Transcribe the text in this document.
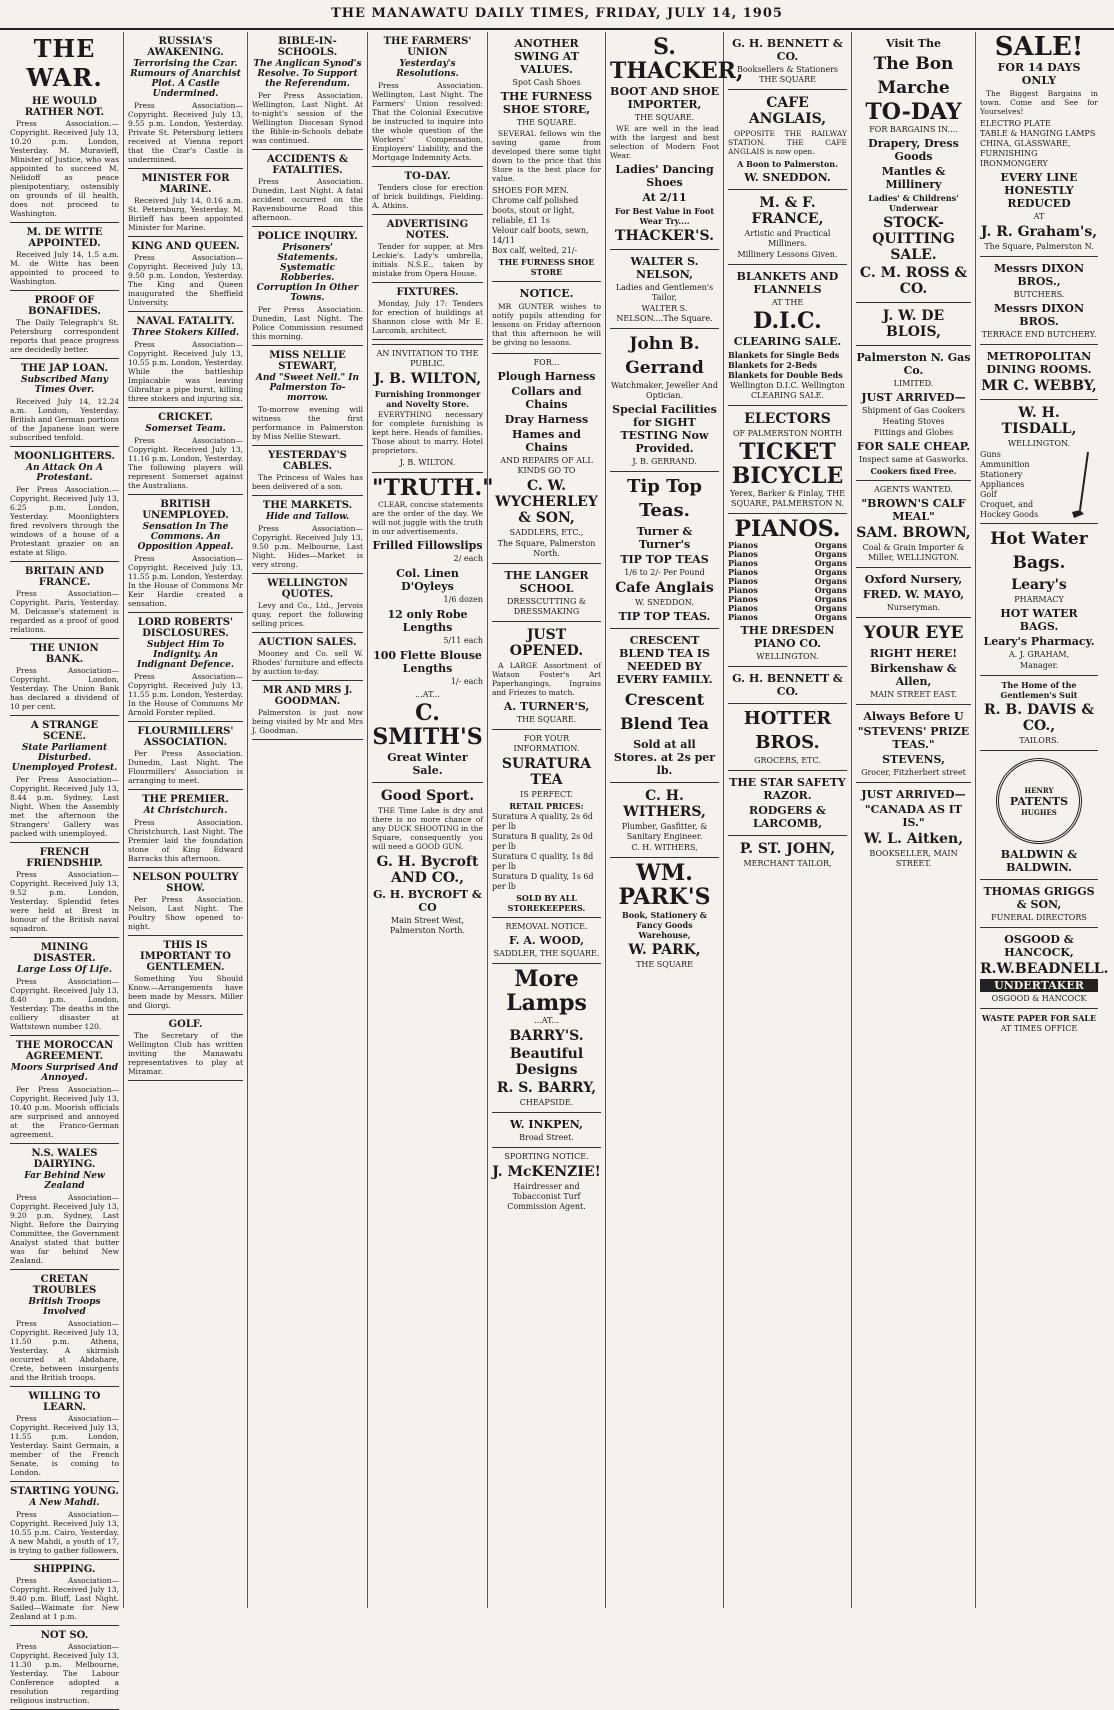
THE MANAWATU DAILY TIMES, FRIDAY, JULY 14, 1905
THE WAR.
HE WOULD RATHER NOT.
Press Association.—Copyright. Received July 13, 10.20 p.m. London, Yesterday. M. Muravieff, Minister of Justice, who was appointed to succeed M. Nelidoff as peace plenipotentiary, ostensibly on grounds of ill health, does not proceed to Washington.
M. DE WITTE APPOINTED.
Received July 14, 1.5 a.m. M. de Witte has been appointed to proceed to Washington.
PROOF OF BONAFIDES.
The Daily Telegraph's St. Petersburg correspondent reports that peace progress are decidedly better.
THE JAP LOAN.
Subscribed Many Times Over.
Received July 14, 12.24 a.m. London, Yesterday. British and German portions of the Japanese loan were subscribed tenfold.
MOONLIGHTERS.
An Attack On A Protestant.
Per Press Association.—Copyright. Received July 13, 6.25 p.m. London, Yesterday. Moonlighters fired revolvers through the windows of a house of a Protestant grazier on an estate at Sligo.
BRITAIN AND FRANCE.
Press Association—Copyright. Paris, Yesterday. M. Delcasse's statement is regarded as a proof of good relations.
THE UNION BANK.
Press Association—Copyright. London, Yesterday. The Union Bank has declared a dividend of 10 per cent.
A STRANGE SCENE.
State Parliament Disturbed. Unemployed Protest.
Per Press Association—Copyright. Received July 13, 8.44 p.m. Sydney, Last Night. When the Assembly met the afternoon the Strangers' Gallery was packed with unemployed.
FRENCH FRIENDSHIP.
Press Association—Copyright. Received July 13, 9.52 p.m. London, Yesterday. Splendid fetes were held at Brest in honour of the British naval squadron.
MINING DISASTER.
Large Loss Of Life.
Press Association—Copyright. Received July 13, 8.40 p.m. London, Yesterday. The deaths in the colliery disaster at Wattstown number 120.
THE MOROCCAN AGREEMENT.
Moors Surprised And Annoyed.
Per Press Association—Copyright. Received July 13, 10.40 p.m. Moorish officials are surprised and annoyed at the Franco-German agreement.
N.S. WALES DAIRYING.
Far Behind New Zealand
Press Association—Copyright. Received July 13, 9.20 p.m. Sydney, Last Night. Before the Dairying Committee, the Government Analyst stated that butter was far behind New Zealand.
CRETAN TROUBLES
British Troops Involved
Press Association—Copyright. Received July 13, 11.50 p.m. Athens, Yesterday. A skirmish occurred at Abdahare, Crete, between insurgents and the British troops.
WILLING TO LEARN.
Press Association—Copyright. Received July 13, 11.55 p.m. London, Yesterday. Saint Germain, a member of the French Senate, is coming to London.
STARTING YOUNG.
A New Mahdi.
Press Association—Copyright. Received July 13, 10.55 p.m. Cairo, Yesterday. A new Mahdi, a youth of 17, is trying to gather followers.
SHIPPING.
Press Association—Copyright. Received July 13, 9.40 p.m. Bluff, Last Night. Sailed—Waimate for New Zealand at 1 p.m.
NOT SO.
Press Association—Copyright. Received July 13, 11.30 p.m. Melbourne, Yesterday. The Labour Conference adopted a resolution regarding religious instruction.
RUSSIA'S AWAKENING.
Terrorising the Czar. Rumours of Anarchist Plot. A Castle Undermined.
Press Association—Copyright. Received July 13, 9.55 p.m. London, Yesterday. Private St. Petersburg letters received at Vienna report that the Czar's Castle is undermined.
MINISTER FOR MARINE.
Received July 14, 0.16 a.m. St. Petersburg, Yesterday. M. Birileff has been appointed Minister for Marine.
KING AND QUEEN.
Press Association—Copyright. Received July 13, 9.50 p.m. London, Yesterday. The King and Queen inaugurated the Sheffield University.
NAVAL FATALITY.
Three Stokers Killed.
Press Association—Copyright. Received July 13, 10.55 p.m. London, Yesterday. While the battleship Implacable was leaving Gibraltar a pipe burst, killing three stokers and injuring six.
CRICKET.
Somerset Team.
Press Association—Copyright. Received July 13, 11.16 p.m. London, Yesterday. The following players will represent Somerset against the Australians.
BRITISH UNEMPLOYED.
Sensation In The Commons. An Opposition Appeal.
Press Association—Copyright. Received July 13, 11.55 p.m. London, Yesterday. In the House of Commons Mr Keir Hardie created a sensation.
LORD ROBERTS' DISCLOSURES.
Subject Him To Indignity. An Indignant Defence.
Press Association—Copyright. Received July 13, 11.55 p.m. London, Yesterday. In the House of Commons Mr Arnold Forster replied.
FLOURMILLERS' ASSOCIATION.
Per Press Association. Dunedin, Last Night. The Flourmillers' Association is arranging to meet.
THE PREMIER.
At Christchurch.
Press Association. Christchurch, Last Night. The Premier laid the foundation stone of King Edward Barracks this afternoon.
NELSON POULTRY SHOW.
Per Press Association. Nelson, Last Night. The Poultry Show opened to-night.
THIS IS IMPORTANT TO GENTLEMEN.
Something You Should Know.—Arrangements have been made by Messrs. Miller and Giorgi.
GOLF.
The Secretary of the Wellington Club has written inviting the Manawatu representatives to play at Miramar.
BIBLE-IN-SCHOOLS.
The Anglican Synod's Resolve. To Support the Referendum.
Per Press Association. Wellington, Last Night. At to-night's session of the Wellington Diocesan Synod the Bible-in-Schools debate was continued.
ACCIDENTS & FATALITIES.
Press Association. Dunedin, Last Night. A fatal accident occurred on the Ravensbourne Road this afternoon.
POLICE INQUIRY.
Prisoners' Statements. Systematic Robberies. Corruption In Other Towns.
Per Press Association. Dunedin, Last Night. The Police Commission resumed this morning.
MISS NELLIE STEWART,
And "Sweet Nell." In Palmerston To-morrow.
To-morrow evening will witness the first performance in Palmerston by Miss Nellie Stewart.
YESTERDAY'S CABLES.
The Princess of Wales has been delivered of a son.
THE MARKETS.
Hide and Tallow.
Press Association—Copyright. Received July 13, 9.50 p.m. Melbourne, Last Night. Hides—Market is very strong.
WELLINGTON QUOTES.
Levy and Co., Ltd., Jervois quay, report the following selling prices.
AUCTION SALES.
Mooney and Co. sell W. Rhodes' furniture and effects by auction to-day.
MR AND MRS J. GOODMAN.
Palmerston is just now being visited by Mr and Mrs J. Goodman.
THE FARMERS' UNION
Yesterday's Resolutions.
Press Association. Wellington, Last Night. The Farmers' Union resolved: That the Colonial Executive be instructed to inquire into the whole question of the Workers' Compensation, Employers' Liability, and the Mortgage Indemnity Acts.
TO-DAY.
Tenders close for erection of brick buildings, Fielding. A. Atkins.
ADVERTISING NOTES.
Tender for supper, at Mrs Leckie's. Lady's umbrella, initials N.S.E., taken by mistake from Opera House.
FIXTURES.
Monday, July 17: Tenders for erection of buildings at Shannon close with Mr E. Larcomb, architect.
AN INVITATION TO THE PUBLIC.
J. B. WILTON,
Furnishing Ironmonger and Novelty Store.
EVERYTHING necessary for complete furnishing is kept here. Heads of families. Those about to marry. Hotel proprietors.
J. B. WILTON.
"TRUTH."
CLEAR, concise statements are the order of the day. We will not juggle with the truth in our advertisements.
Frilled Fillowslips
2/ each
Col. Linen D'Oyleys
1/6 dozen
12 only Robe Lengths
5/11 each
100 Flette Blouse Lengths
1/- each
...AT...
C. SMITH'S
Great Winter Sale.
Good Sport.
THE Time Lake is dry and there is no more chance of any DUCK SHOOTING in the Square, consequently you will need a GOOD GUN.
G. H. Bycroft AND CO.,
G. H. BYCROFT & CO
Main Street West, Palmerston North.
ANOTHER SWING AT VALUES.
Spot Cash Shoes
THE FURNESS SHOE STORE,
THE SQUARE.
SEVERAL fellows win the saving game from developed there some tight down to the price that this Store is the best place for value.
SHOES FOR MEN.
Chrome calf polished boots, stout or light, reliable, £1 1s
Velour calf boots, sewn, 14/11
Box calf, welted, 21/-
THE FURNESS SHOE STORE
NOTICE.
MR GUNTER wishes to notify pupils attending for lessons on Friday afternoon that this afternoon he will be giving no lessons.
FOR...
Plough Harness
Collars and Chains
Dray Harness
Hames and Chains
AND REPAIRS OF ALL KINDS GO TO
C. W. WYCHERLEY & SON,
SADDLERS, ETC.,
The Square, Palmerston North.
THE LANGER SCHOOL
DRESSCUTTING & DRESSMAKING
JUST OPENED.
A LARGE Assortment of Watson Foster's Art Paperhangings, Ingrains and Friezes to match.
A. TURNER'S,
THE SQUARE.
FOR YOUR INFORMATION.
SURATURA TEA
IS PERFECT.
RETAIL PRICES:
Suratura A quality, 2s 6d per lb
Suratura B quality, 2s 0d per lb
Suratura C quality, 1s 8d per lb
Suratura D quality, 1s 6d per lb
SOLD BY ALL STOREKEEPERS.
REMOVAL NOTICE.
F. A. WOOD,
SADDLER, THE SQUARE.
More Lamps
...AT...
BARRY'S.
Beautiful Designs
R. S. BARRY,
CHEAPSIDE.
W. INKPEN,
Broad Street.
SPORTING NOTICE.
J. McKENZIE!
Hairdresser and Tobacconist Turf Commission Agent.
S. THACKER,
BOOT AND SHOE IMPORTER,
THE SQUARE.
WE are well in the lead with the largest and best selection of Modern Foot Wear.
Ladies' Dancing Shoes
At 2/11
For Best Value in Foot Wear Try....
THACKER'S.
WALTER S. NELSON,
Ladies and Gentlemen's Tailor,
WALTER S. NELSON....The Square.
John B. Gerrand
Watchmaker, Jeweller And Optician.
Special Facilities for SIGHT TESTING Now Provided.
J. B. GERRAND.
Tip Top Teas.
Turner & Turner's
TIP TOP TEAS
1/6 to 2/- Per Pound
Cafe Anglais
W. SNEDDON.
TIP TOP TEAS.
CRESCENT BLEND TEA IS NEEDED BY EVERY FAMILY.
Crescent Blend Tea
Sold at all Stores. at 2s per lb.
C. H. WITHERS,
Plumber, Gasfitter, & Sanitary Engineer.
C. H. WITHERS,
WM. PARK'S
Book, Stationery & Fancy Goods Warehouse,
W. PARK,
THE SQUARE
G. H. BENNETT & CO.
Booksellers & Stationers THE SQUARE
CAFE ANGLAIS,
OPPOSITE THE RAILWAY STATION. THE CAFE ANGLAIS is now open.
A Boon to Palmerston.
W. SNEDDON.
M. & F. FRANCE,
Artistic and Practical Milliners.
Millinery Lessons Given.
BLANKETS AND FLANNELS
AT THE
D.I.C.
CLEARING SALE.
Blankets for Single Beds
Blankets for 2-Beds
Blankets for Double Beds
Wellington D.I.C. Wellington CLEARING SALE.
ELECTORS
OF PALMERSTON NORTH
TICKET
BICYCLE
Yerex, Barker & Finlay, THE SQUARE, PALMERSTON N.
PIANOS.
Pianos	Organs
Pianos	Organs
Pianos	Organs
Pianos	Organs
Pianos	Organs
Pianos	Organs
Pianos	Organs
Pianos	Organs
Pianos	Organs
THE DRESDEN PIANO CO.
WELLINGTON.
G. H. BENNETT & CO.
HOTTER BROS.
GROCERS, ETC.
THE STAR SAFETY RAZOR.
RODGERS & LARCOMB,
P. ST. JOHN,
MERCHANT TAILOR,
Visit The
The Bon Marche
TO-DAY
FOR BARGAINS IN....
Drapery, Dress Goods
Mantles & Millinery
Ladies' & Childrens' Underwear
STOCK-QUITTING SALE.
C. M. ROSS & CO.
J. W. DE BLOIS,
Palmerston N. Gas Co.
LIMITED.
JUST ARRIVED—
Shipment of Gas Cookers
Heating Stoves
Fittings and Globes
FOR SALE CHEAP.
Inspect same at Gasworks.
Cookers fixed Free.
AGENTS WANTED.
"BROWN'S CALF MEAL"
SAM. BROWN,
Coal & Grain Importer & Miller, WELLINGTON.
Oxford Nursery,
FRED. W. MAYO,
Nurseryman.
YOUR EYE
RIGHT HERE!
Birkenshaw & Allen,
MAIN STREET EAST.
Always Before U
"STEVENS' PRIZE TEAS."
STEVENS,
Grocer, Fitzherbert street
JUST ARRIVED—
"CANADA AS IT IS."
W. L. Aitken,
BOOKSELLER, MAIN STREET.
SALE!
FOR 14 DAYS ONLY
The Biggest Bargains in town. Come and See for Yourselves!
ELECTRO PLATE
TABLE & HANGING LAMPS
CHINA, GLASSWARE,
FURNISHING IRONMONGERY
EVERY LINE HONESTLY REDUCED
AT
J. R. Graham's,
The Square, Palmerston N.
Messrs DIXON BROS.,
BUTCHERS.
Messrs DIXON BROS.
TERRACE END BUTCHERY.
METROPOLITAN DINING ROOMS.
MR C. WEBBY,
W. H. TISDALL,
WELLINGTON.
Guns
Ammunition
Stationery
Appliances
Golf
Croquet, and
Hockey Goods
Hot Water Bags.
Leary's
PHARMACY
HOT WATER BAGS.
Leary's Pharmacy.
A. J. GRAHAM,
Manager.
The Home of the Gentlemen's Suit
R. B. DAVIS & CO.,
TAILORS.
HENRY
PATENTS
HUGHES
BALDWIN & BALDWIN.
THOMAS GRIGGS & SON,
FUNERAL DIRECTORS
OSGOOD & HANCOCK,
R.W.BEADNELL.
UNDERTAKER
OSGOOD & HANCOCK
WASTE PAPER FOR SALE
AT TIMES OFFICE
